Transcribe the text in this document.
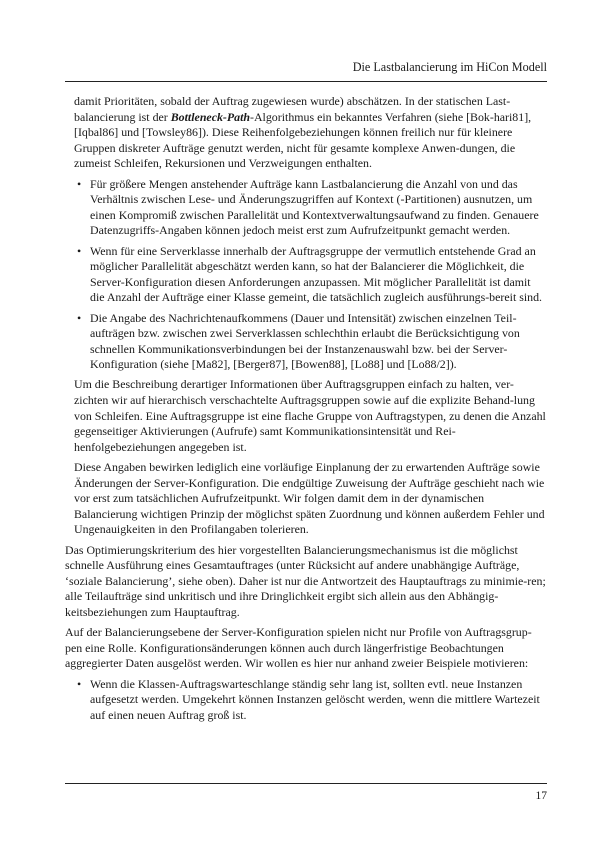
Die Lastbalancierung im HiCon Modell

damit Prioritäten, sobald der Auftrag zugewiesen wurde) abschätzen. In der statischen Last-balancierung ist der Bottleneck-Path-Algorithmus ein bekanntes Verfahren (siehe [Bok-hari81], [Iqbal86] und [Towsley86]). Diese Reihenfolgebeziehungen können freilich nur für kleinere Gruppen diskreter Aufträge genutzt werden, nicht für gesamte komplexe Anwen-dungen, die zumeist Schleifen, Rekursionen und Verzweigungen enthalten.

• Für größere Mengen anstehender Aufträge kann Lastbalancierung die Anzahl von und das Verhältnis zwischen Lese- und Änderungszugriffen auf Kontext (-Partitionen) ausnutzen, um einen Kompromiß zwischen Parallelität und Kontextverwaltungsaufwand zu finden. Genauere Datenzugriffs-Angaben können jedoch meist erst zum Aufrufzeitpunkt gemacht werden.
• Wenn für eine Serverklasse innerhalb der Auftragsgruppe der vermutlich entstehende Grad an möglicher Parallelität abgeschätzt werden kann, so hat der Balancierer die Möglichkeit, die Server-Konfiguration diesen Anforderungen anzupassen. Mit möglicher Parallelität ist damit die Anzahl der Aufträge einer Klasse gemeint, die tatsächlich zugleich ausführungs-bereit sind.
• Die Angabe des Nachrichtenaufkommens (Dauer und Intensität) zwischen einzelnen Teil-aufträgen bzw. zwischen zwei Serverklassen schlechthin erlaubt die Berücksichtigung von schnellen Kommunikationsverbindungen bei der Instanzenauswahl bzw. bei der Server-Konfiguration (siehe [Ma82], [Berger87], [Bowen88], [Lo88] und [Lo88/2]).

Um die Beschreibung derartiger Informationen über Auftragsgruppen einfach zu halten, ver-zichten wir auf hierarchisch verschachtelte Auftragsgruppen sowie auf die explizite Behand-lung von Schleifen. Eine Auftragsgruppe ist eine flache Gruppe von Auftragstypen, zu denen die Anzahl gegenseitiger Aktivierungen (Aufrufe) samt Kommunikationsintensität und Rei-henfolgebeziehungen angegeben ist.

Diese Angaben bewirken lediglich eine vorläufige Einplanung der zu erwartenden Aufträge sowie Änderungen der Server-Konfiguration. Die endgültige Zuweisung der Aufträge geschieht nach wie vor erst zum tatsächlichen Aufrufzeitpunkt. Wir folgen damit dem in der dynamischen Balancierung wichtigen Prinzip der möglichst späten Zuordnung und können außerdem Fehler und Ungenauigkeiten in den Profilangaben tolerieren.

Das Optimierungskriterium des hier vorgestellten Balancierungsmechanismus ist die möglichst schnelle Ausführung eines Gesamtauftrages (unter Rücksicht auf andere unabhängige Aufträge, ‘soziale Balancierung’, siehe oben). Daher ist nur die Antwortzeit des Hauptauftrags zu minimie-ren; alle Teilaufträge sind unkritisch und ihre Dringlichkeit ergibt sich allein aus den Abhängig-keitsbeziehungen zum Hauptauftrag.

Auf der Balancierungsebene der Server-Konfiguration spielen nicht nur Profile von Auftragsgrup-pen eine Rolle. Konfigurationsänderungen können auch durch längerfristige Beobachtungen aggregierter Daten ausgelöst werden. Wir wollen es hier nur anhand zweier Beispiele motivieren:

• Wenn die Klassen-Auftragswarteschlange ständig sehr lang ist, sollten evtl. neue Instanzen aufgesetzt werden. Umgekehrt können Instanzen gelöscht werden, wenn die mittlere Wartezeit auf einen neuen Auftrag groß ist.
17
